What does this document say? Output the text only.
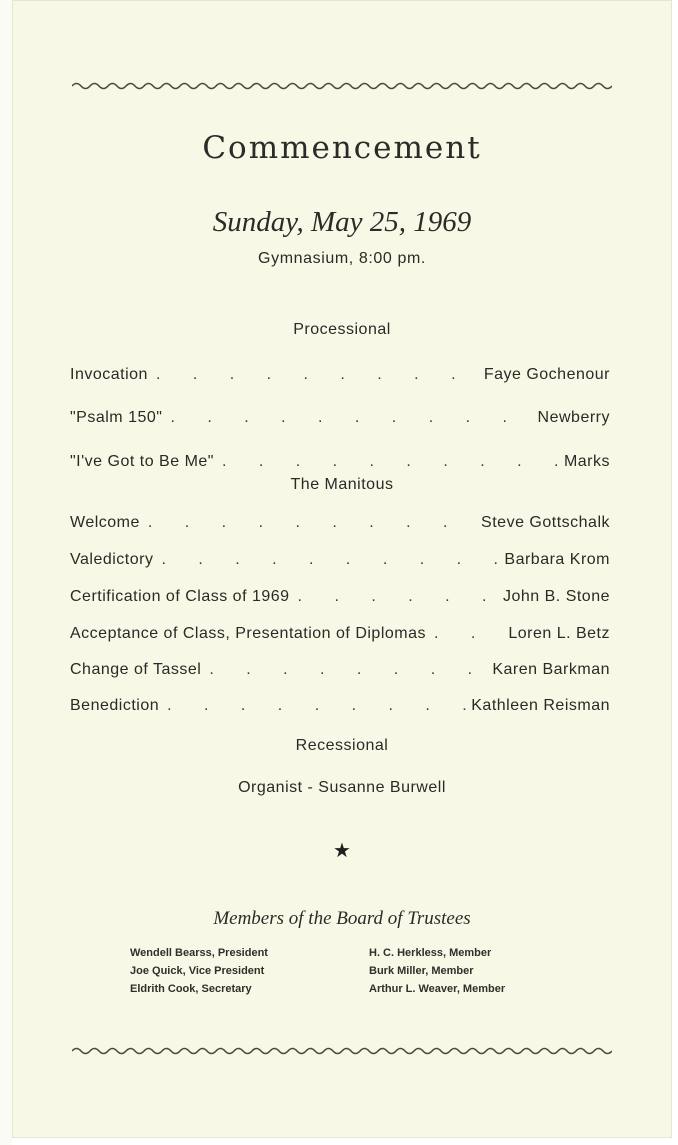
Commencement
Sunday, May 25, 1969
Gymnasium, 8:00 pm.
Processional
Invocation . . .	Faye Gochenour
"Psalm 150" . . .	Newberry
"I've Got to Be Me" . . .	Marks
The Manitous
Welcome . . .	Steve Gottschalk
Valedictory . . .	Barbara Krom
Certification of Class of 1969 . . .	John B. Stone
Acceptance of Class, Presentation of Diplomas . . .	Loren L. Betz
Change of Tassel . . .	Karen Barkman
Benediction . . .	Kathleen Reisman
Recessional
Organist - Susanne Burwell
★
Members of the Board of Trustees
Wendell Bearss, President
Joe Quick, Vice President
Eldrith Cook, Secretary
H. C. Herkless, Member
Burk Miller, Member
Arthur L. Weaver, Member
